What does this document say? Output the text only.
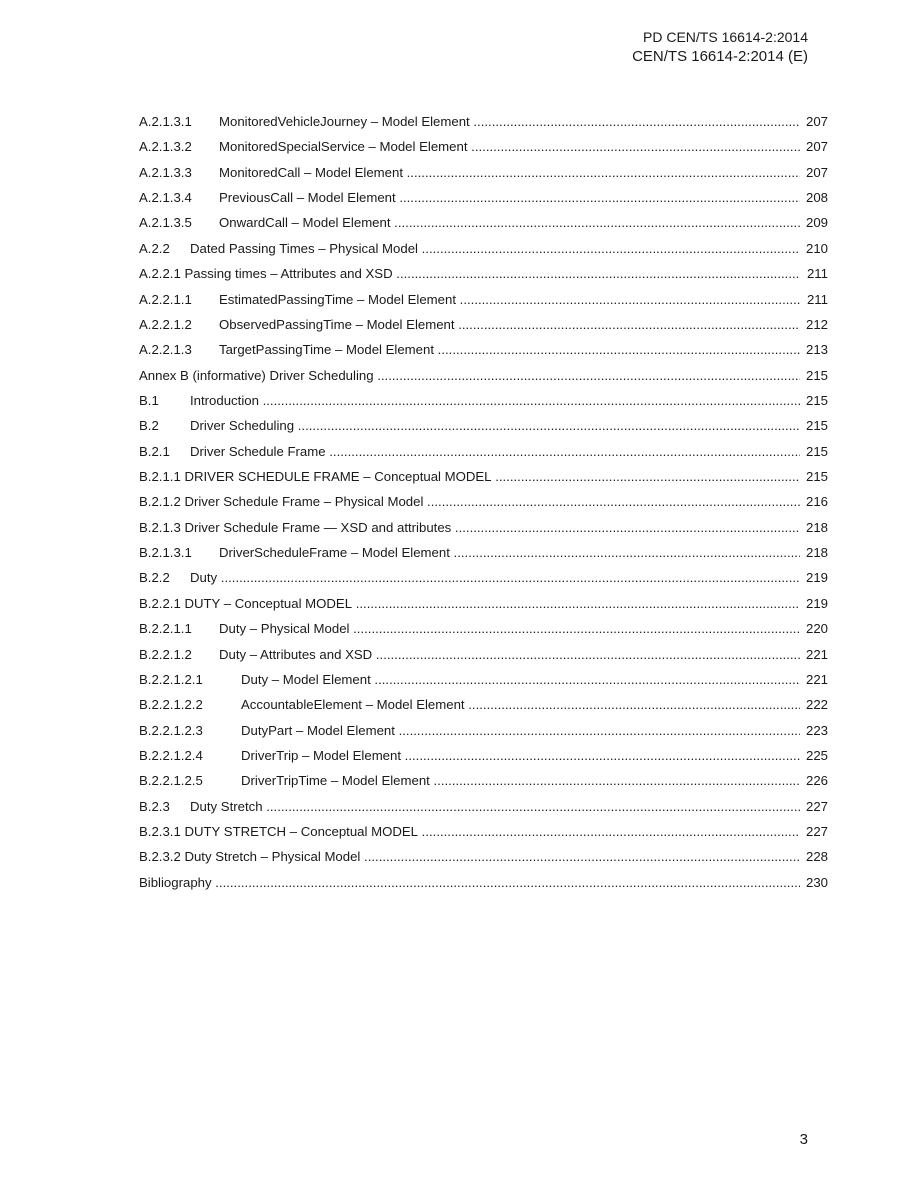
PD CEN/TS 16614-2:2014
CEN/TS 16614-2:2014 (E)
A.2.1.3.1 MonitoredVehicleJourney – Model Element .....	207
A.2.1.3.2 MonitoredSpecialService – Model Element .....	207
A.2.1.3.3 MonitoredCall – Model Element .....	207
A.2.1.3.4 PreviousCall – Model Element .....	208
A.2.1.3.5 OnwardCall – Model Element .....	209
A.2.2 Dated Passing Times – Physical Model .....	210
A.2.2.1 Passing times – Attributes and XSD .....	211
A.2.2.1.1 EstimatedPassingTime – Model Element .....	211
A.2.2.1.2 ObservedPassingTime – Model Element .....	212
A.2.2.1.3 TargetPassingTime – Model Element .....	213
Annex B (informative) Driver Scheduling .....	215
B.1 Introduction .....	215
B.2 Driver Scheduling .....	215
B.2.1 Driver Schedule Frame .....	215
B.2.1.1 DRIVER SCHEDULE FRAME – Conceptual MODEL .....	215
B.2.1.2 Driver Schedule Frame – Physical Model .....	216
B.2.1.3 Driver Schedule Frame — XSD and attributes .....	218
B.2.1.3.1 DriverScheduleFrame – Model Element .....	218
B.2.2 Duty .....	219
B.2.2.1 DUTY – Conceptual MODEL .....	219
B.2.2.1.1 Duty – Physical Model .....	220
B.2.2.1.2 Duty – Attributes and XSD .....	221
B.2.2.1.2.1	Duty – Model Element .....	221
B.2.2.1.2.2	AccountableElement – Model Element .....	222
B.2.2.1.2.3	DutyPart – Model Element .....	223
B.2.2.1.2.4	DriverTrip – Model Element .....	225
B.2.2.1.2.5	DriverTripTime – Model Element .....	226
B.2.3 Duty Stretch .....	227
B.2.3.1 DUTY STRETCH – Conceptual MODEL .....	227
B.2.3.2 Duty Stretch – Physical Model .....	228
Bibliography .....	230
3
